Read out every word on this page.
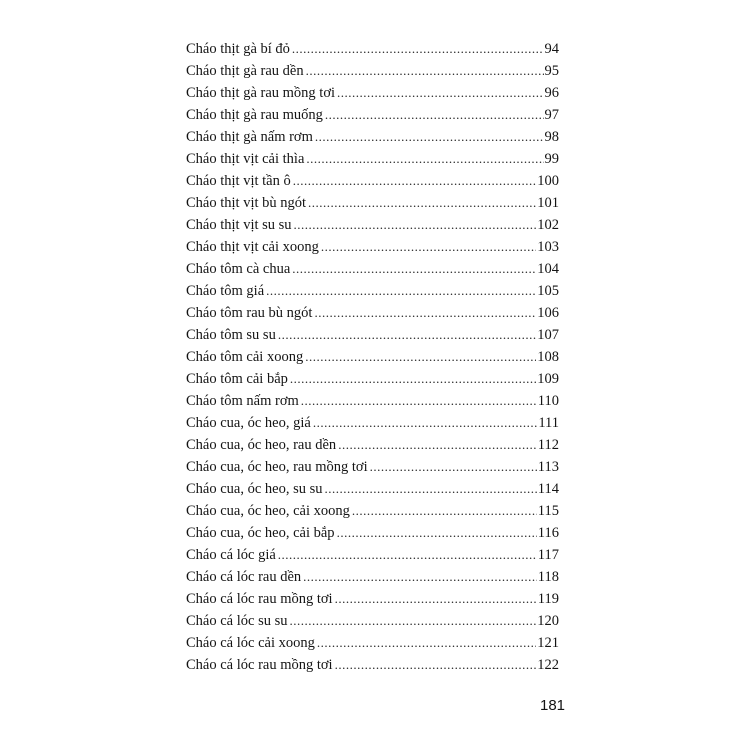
Cháo thịt gà bí đỏ .....	94
Cháo thịt gà rau dền .....	95
Cháo thịt gà rau mồng tơi .....	96
Cháo thịt gà rau muống .....	97
Cháo thịt gà nấm rơm .....	98
Cháo thịt vịt cải thìa .....	99
Cháo thịt vịt tần ô .....	100
Cháo thịt vịt bù ngót .....	101
Cháo thịt vịt su su .....	102
Cháo thịt vịt cải xoong .....	103
Cháo tôm cà chua .....	104
Cháo tôm giá .....	105
Cháo tôm rau bù ngót .....	106
Cháo tôm su su .....	107
Cháo tôm cải xoong .....	108
Cháo tôm cải bắp .....	109
Cháo tôm nấm rơm .....	110
Cháo cua, óc heo, giá .....	111
Cháo cua, óc heo, rau dền .....	112
Cháo cua, óc heo, rau mồng tơi .....	113
Cháo cua, óc heo, su su .....	114
Cháo cua, óc heo, cải xoong .....	115
Cháo cua, óc heo, cải bắp .....	116
Cháo cá lóc giá .....	117
Cháo cá lóc rau dền .....	118
Cháo cá lóc rau mồng tơi .....	119
Cháo cá lóc su su .....	120
Cháo cá lóc cải xoong .....	121
Cháo cá lóc rau mồng tơi .....	122
181
